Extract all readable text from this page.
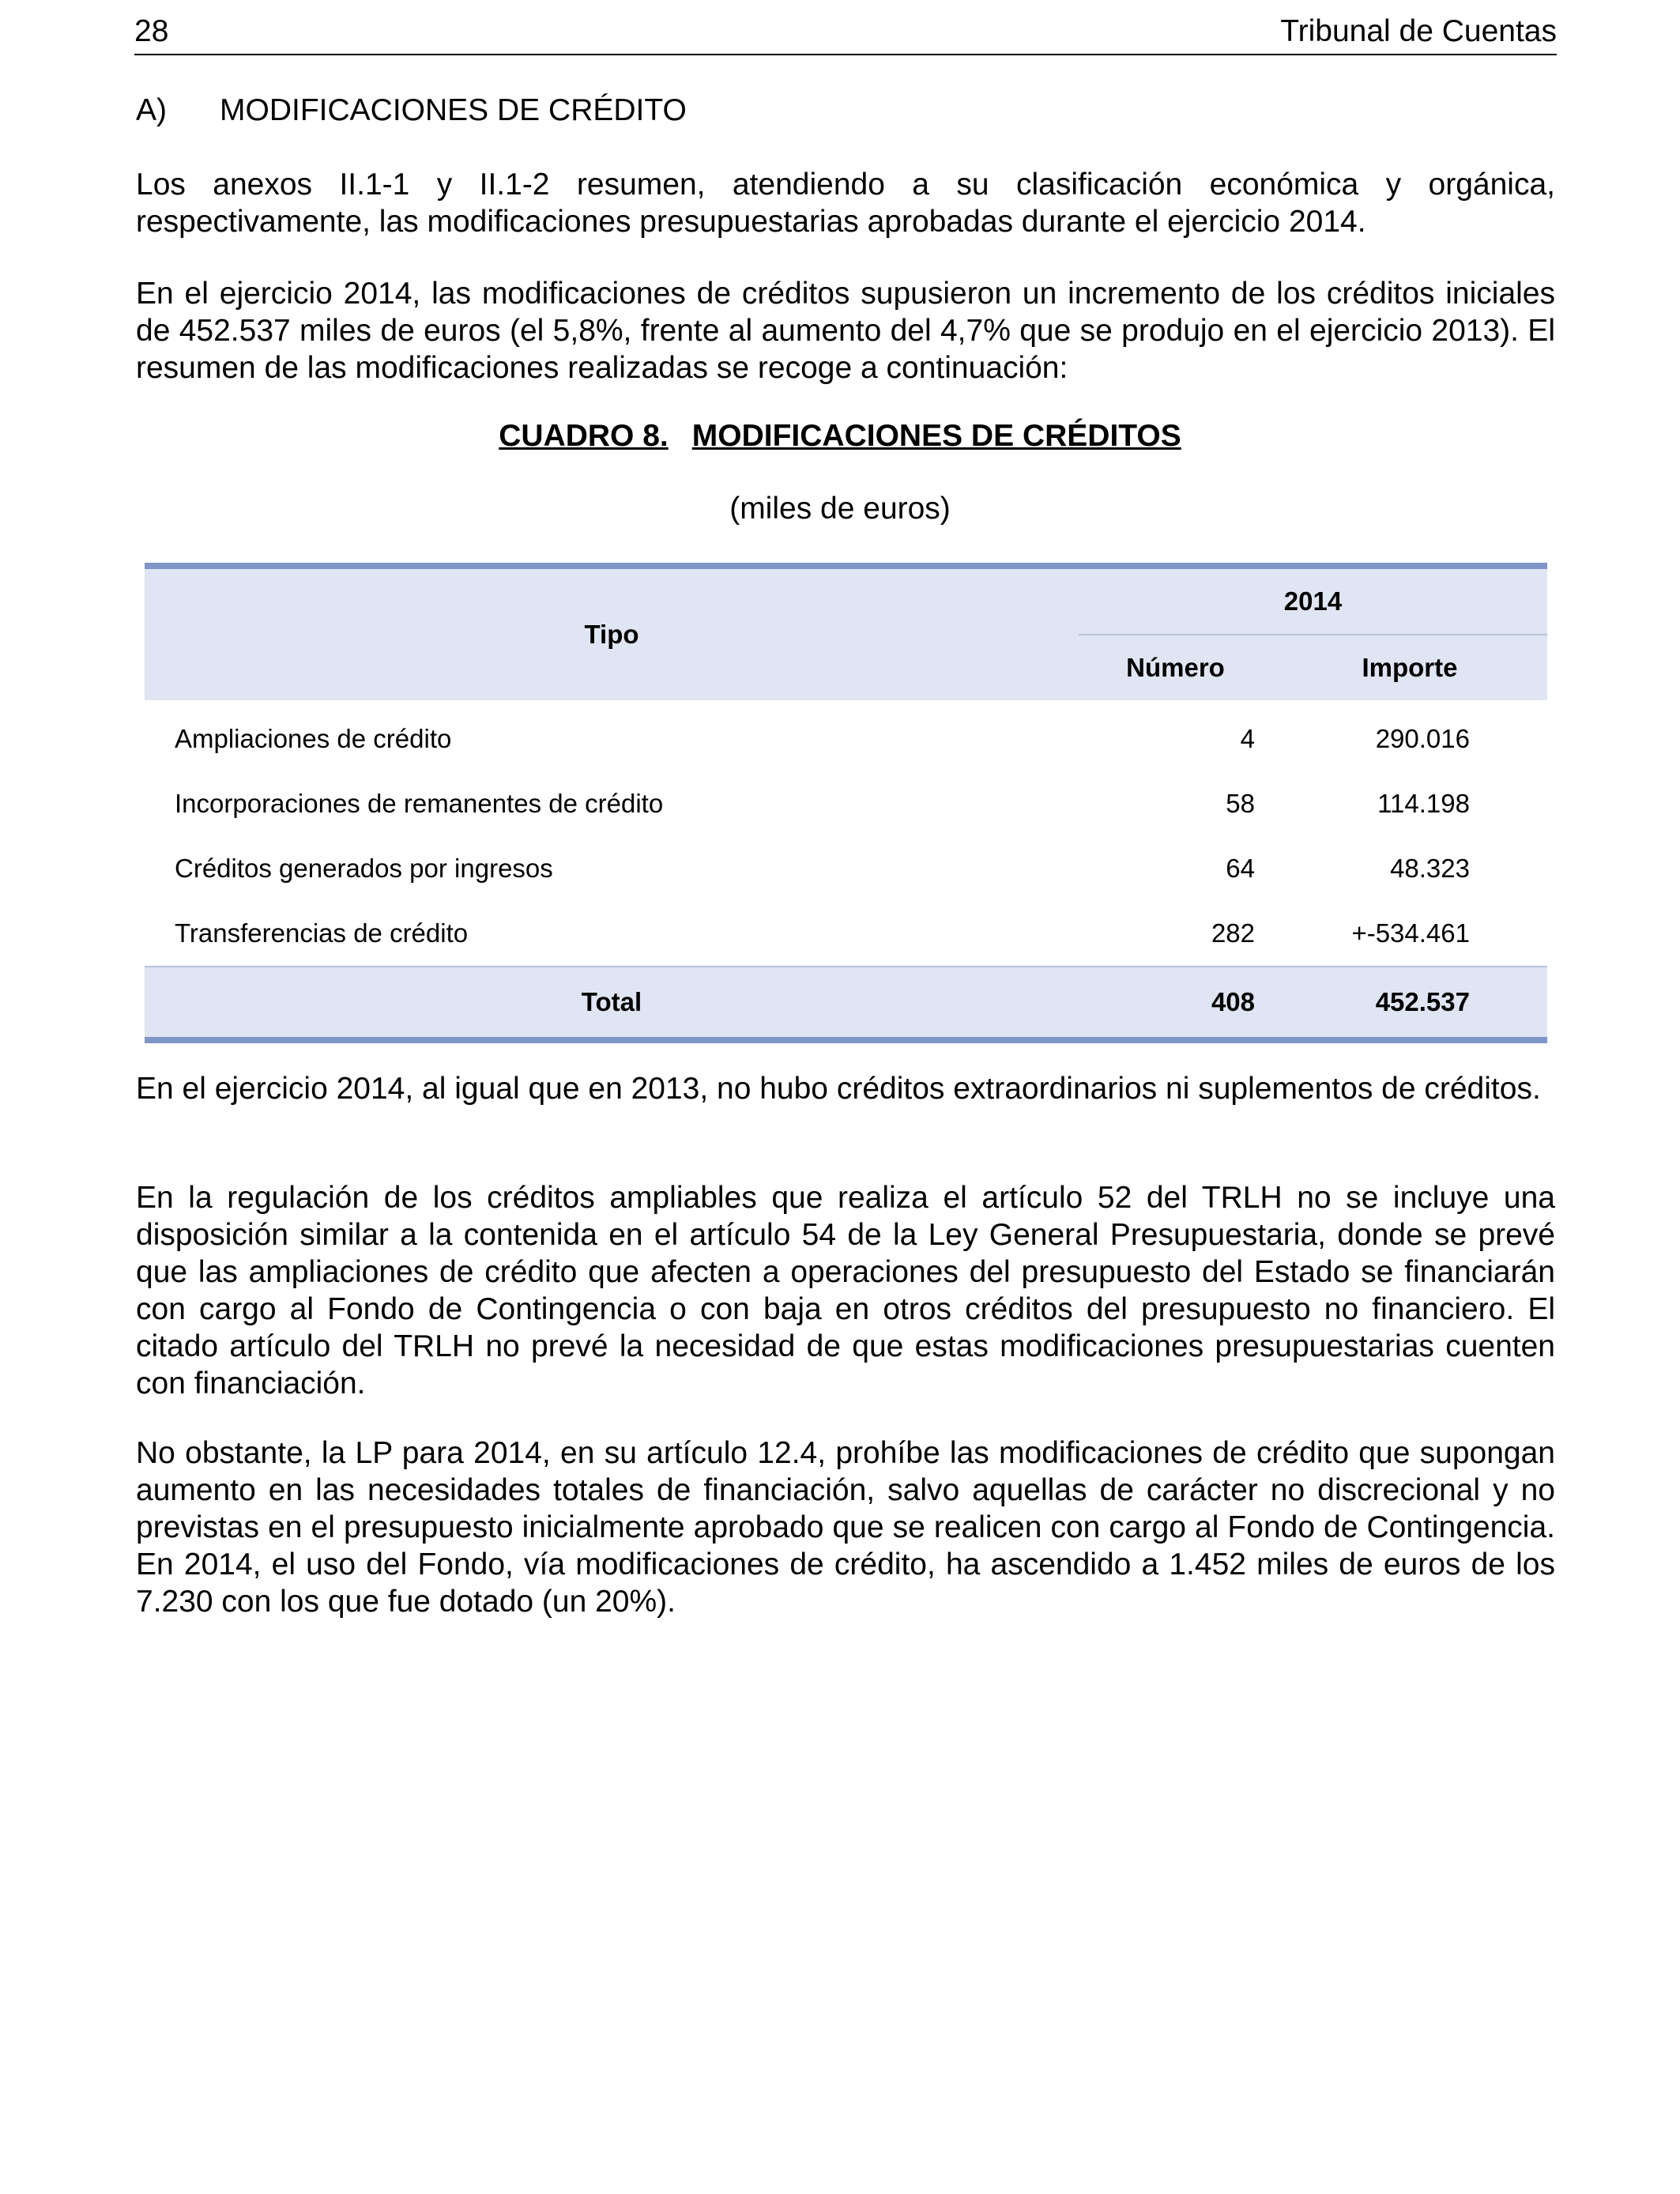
28	Tribunal de Cuentas
A) MODIFICACIONES DE CRÉDITO

Los anexos II.1-1 y II.1-2 resumen, atendiendo a su clasificación económica y orgánica, respectivamente, las modificaciones presupuestarias aprobadas durante el ejercicio 2014.

En el ejercicio 2014, las modificaciones de créditos supusieron un incremento de los créditos iniciales de 452.537 miles de euros (el 5,8%, frente al aumento del 4,7% que se produjo en el ejercicio 2013). El resumen de las modificaciones realizadas se recoge a continuación:

CUADRO 8. MODIFICACIONES DE CRÉDITOS
(miles de euros)
Tipo	2014	
	Número	Importe
Ampliaciones de crédito	4	290.016
Incorporaciones de remanentes de crédito	58	114.198
Créditos generados por ingresos	64	48.323
Transferencias de crédito	282	+-534.461
Total	408	452.537

En el ejercicio 2014, al igual que en 2013, no hubo créditos extraordinarios ni suplementos de créditos.

En la regulación de los créditos ampliables que realiza el artículo 52 del TRLH no se incluye una disposición similar a la contenida en el artículo 54 de la Ley General Presupuestaria, donde se prevé que las ampliaciones de crédito que afecten a operaciones del presupuesto del Estado se financiarán con cargo al Fondo de Contingencia o con baja en otros créditos del presupuesto no financiero. El citado artículo del TRLH no prevé la necesidad de que estas modificaciones presupuestarias cuenten con financiación.

No obstante, la LP para 2014, en su artículo 12.4, prohíbe las modificaciones de crédito que supongan aumento en las necesidades totales de financiación, salvo aquellas de carácter no discrecional y no previstas en el presupuesto inicialmente aprobado que se realicen con cargo al Fondo de Contingencia. En 2014, el uso del Fondo, vía modificaciones de crédito, ha ascendido a 1.452 miles de euros de los 7.230 con los que fue dotado (un 20%).
